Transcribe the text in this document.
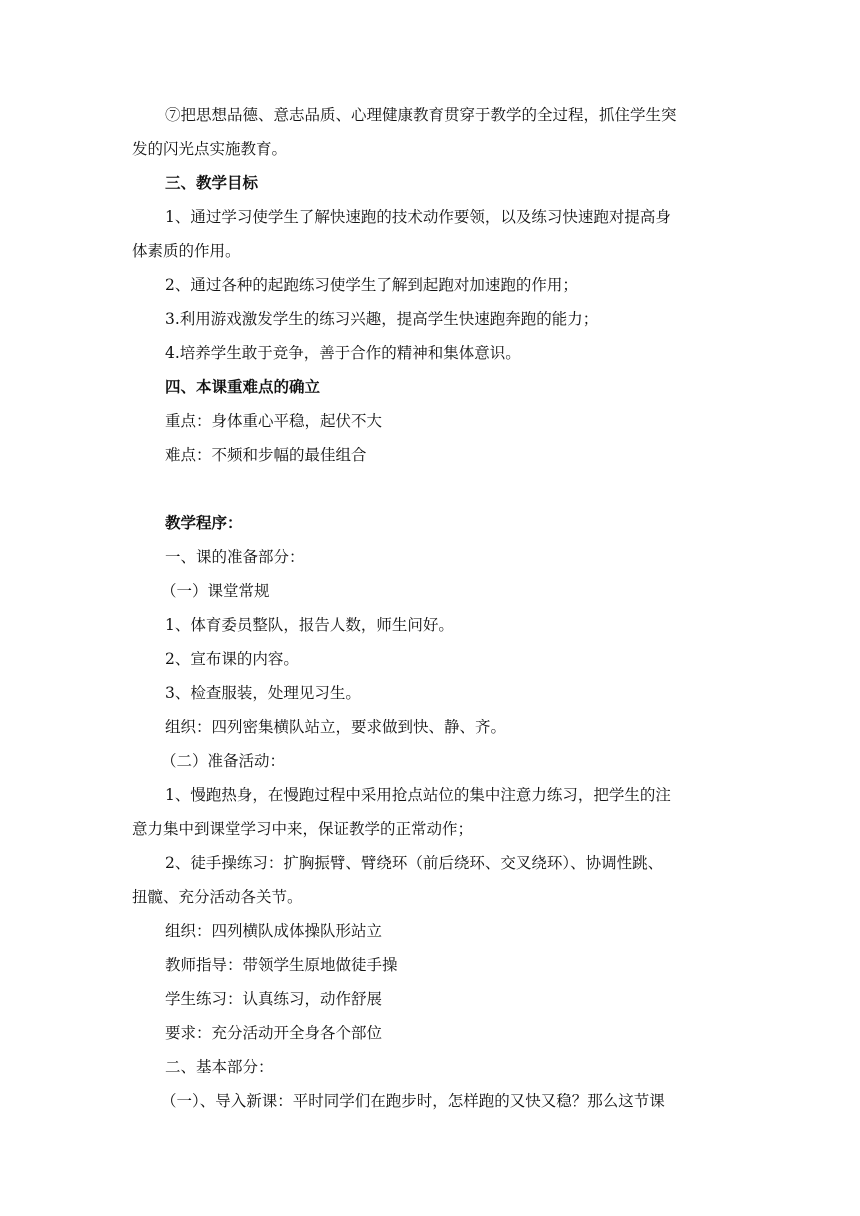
⑦把思想品德、意志品质、心理健康教育贯穿于教学的全过程，抓住学生突
发的闪光点实施教育。
三、教学目标
1、通过学习使学生了解快速跑的技术动作要领，以及练习快速跑对提高身
体素质的作用。
2、通过各种的起跑练习使学生了解到起跑对加速跑的作用；
3.利用游戏激发学生的练习兴趣，提高学生快速跑奔跑的能力；
4.培养学生敢于竞争，善于合作的精神和集体意识。
四、本课重难点的确立
重点：身体重心平稳，起伏不大
难点：不频和步幅的最佳组合
教学程序：
一、课的准备部分：
（一）课堂常规
1、体育委员整队，报告人数，师生问好。
2、宣布课的内容。
3、检查服装，处理见习生。
组织：四列密集横队站立，要求做到快、静、齐。
（二）准备活动：
1、慢跑热身，在慢跑过程中采用抢点站位的集中注意力练习，把学生的注
意力集中到课堂学习中来，保证教学的正常动作；
2、徒手操练习：扩胸振臂、臂绕环（前后绕环、交叉绕环）、协调性跳、
扭髋、充分活动各关节。
组织：四列横队成体操队形站立
教师指导：带领学生原地做徒手操
学生练习：认真练习，动作舒展
要求：充分活动开全身各个部位
二、基本部分：
（一）、导入新课：平时同学们在跑步时，怎样跑的又快又稳？那么这节课
